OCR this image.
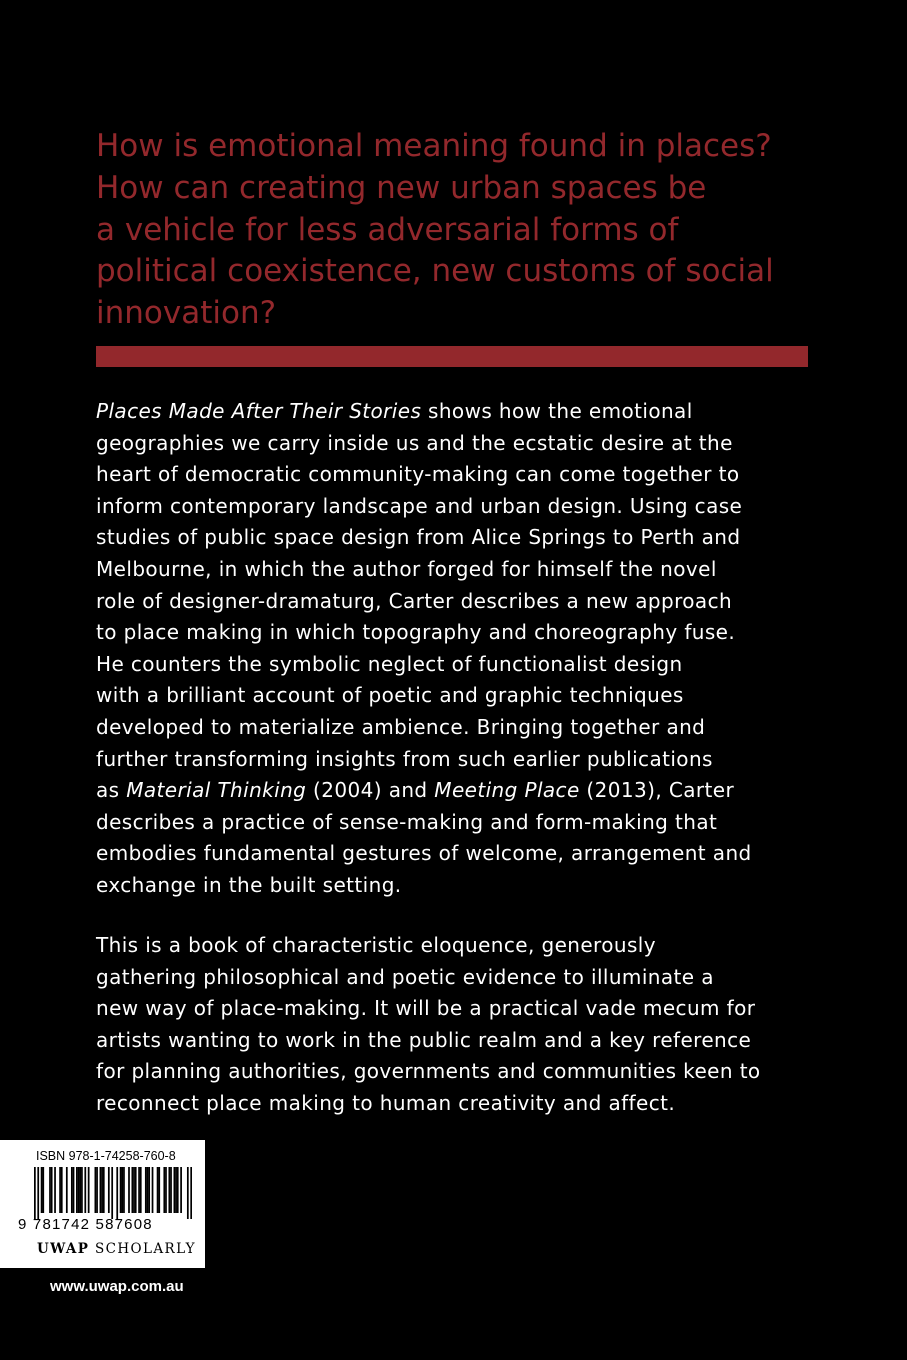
How is emotional meaning found in places?
How can creating new urban spaces be
a vehicle for less adversarial forms of
political coexistence, new customs of social
innovation?
Places Made After Their Stories shows how the emotional
geographies we carry inside us and the ecstatic desire at the
heart of democratic community-making can come together to
inform contemporary landscape and urban design. Using case
studies of public space design from Alice Springs to Perth and
Melbourne, in which the author forged for himself the novel
role of designer-dramaturg, Carter describes a new approach
to place making in which topography and choreography fuse.
He counters the symbolic neglect of functionalist design
with a brilliant account of poetic and graphic techniques
developed to materialize ambience. Bringing together and
further transforming insights from such earlier publications
as Material Thinking (2004) and Meeting Place (2013), Carter
describes a practice of sense-making and form-making that
embodies fundamental gestures of welcome, arrangement and
exchange in the built setting.
This is a book of characteristic eloquence, generously
gathering philosophical and poetic evidence to illuminate a
new way of place-making. It will be a practical vade mecum for
artists wanting to work in the public realm and a key reference
for planning authorities, governments and communities keen to
reconnect place making to human creativity and affect.
ISBN 978-1-74258-760-8
9 781742 587608
UWAP SCHOLARLY
www.uwap.com.au
